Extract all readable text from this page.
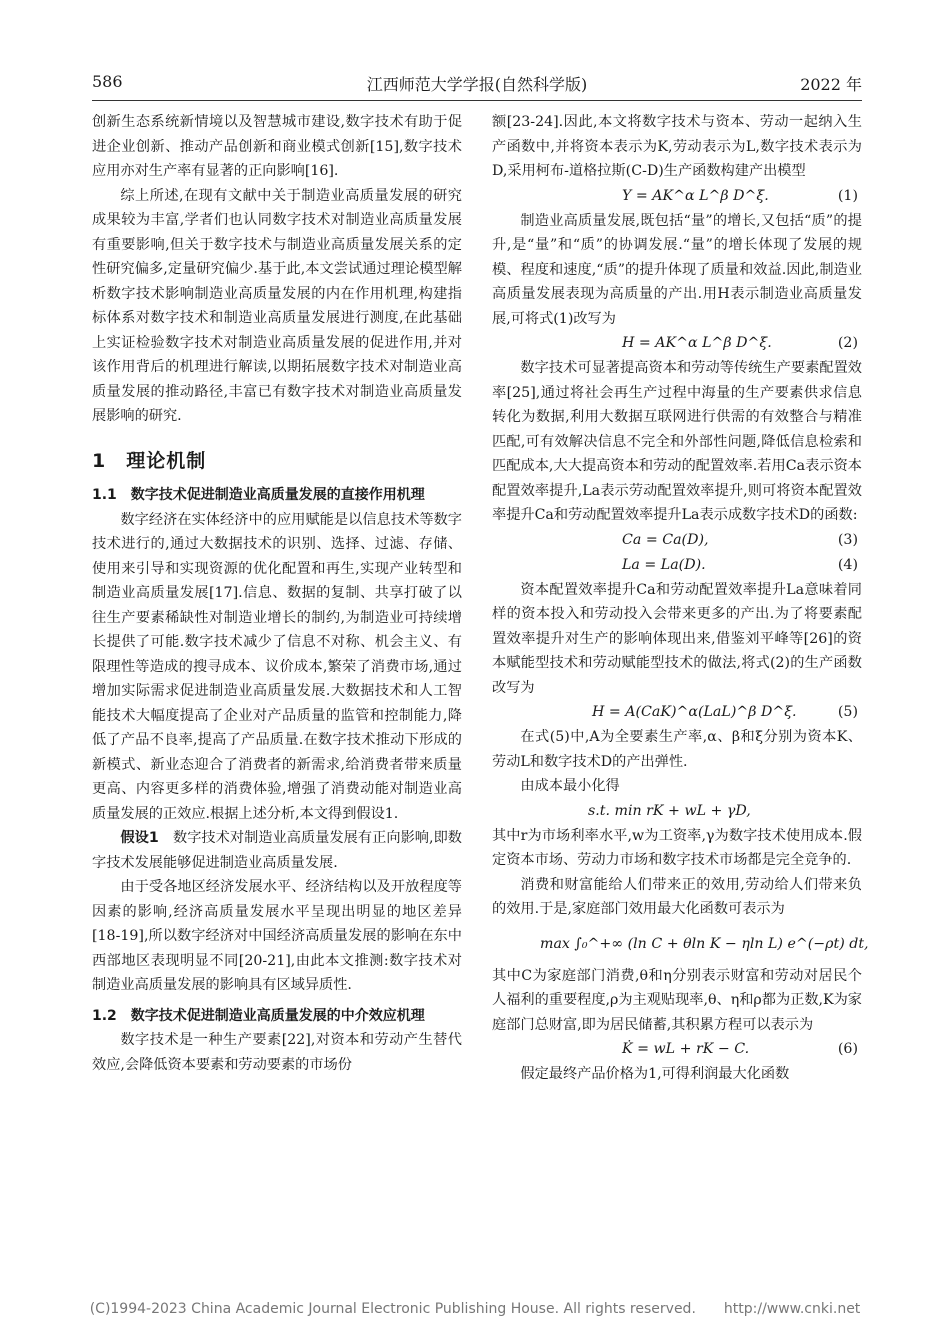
586	江西师范大学学报(自然科学版)	2022 年

创新生态系统新情境以及智慧城市建设,数字技术有助于促进企业创新、推动产品创新和商业模式创新[15],数字技术应用亦对生产率有显著的正向影响[16].

综上所述,在现有文献中关于制造业高质量发展的研究成果较为丰富,学者们也认同数字技术对制造业高质量发展有重要影响,但关于数字技术与制造业高质量发展关系的定性研究偏多,定量研究偏少.基于此,本文尝试通过理论模型解析数字技术影响制造业高质量发展的内在作用机理,构建指标体系对数字技术和制造业高质量发展进行测度,在此基础上实证检验数字技术对制造业高质量发展的促进作用,并对该作用背后的机理进行解读,以期拓展数字技术对制造业高质量发展的推动路径,丰富已有数字技术对制造业高质量发展影响的研究.

1　理论机制
1.1　数字技术促进制造业高质量发展的直接作用机理

数字经济在实体经济中的应用赋能是以信息技术等数字技术进行的,通过大数据技术的识别、选择、过滤、存储、使用来引导和实现资源的优化配置和再生,实现产业转型和制造业高质量发展[17].信息、数据的复制、共享打破了以往生产要素稀缺性对制造业增长的制约,为制造业可持续增长提供了可能.数字技术减少了信息不对称、机会主义、有限理性等造成的搜寻成本、议价成本,繁荣了消费市场,通过增加实际需求促进制造业高质量发展.大数据技术和人工智能技术大幅度提高了企业对产品质量的监管和控制能力,降低了产品不良率,提高了产品质量.在数字技术推动下形成的新模式、新业态迎合了消费者的新需求,给消费者带来质量更高、内容更多样的消费体验,增强了消费动能对制造业高质量发展的正效应.根据上述分析,本文得到假设1.

假设1　数字技术对制造业高质量发展有正向影响,即数字技术发展能够促进制造业高质量发展.

由于受各地区经济发展水平、经济结构以及开放程度等因素的影响,经济高质量发展水平呈现出明显的地区差异[18-19],所以数字经济对中国经济高质量发展的影响在东中西部地区表现明显不同[20-21],由此本文推测:数字技术对制造业高质量发展的影响具有区域异质性.

1.2　数字技术促进制造业高质量发展的中介效应机理

数字技术是一种生产要素[22],对资本和劳动产生替代效应,会降低资本要素和劳动要素的市场份

额[23-24].因此,本文将数字技术与资本、劳动一起纳入生产函数中,并将资本表示为K,劳动表示为L,数字技术表示为D,采用柯布-道格拉斯(C-D)生产函数构建产出模型

Y = AK^α L^β D^ξ.	(1)

制造业高质量发展,既包括“量”的增长,又包括“质”的提升,是“量”和“质”的协调发展.“量”的增长体现了发展的规模、程度和速度,“质”的提升体现了质量和效益.因此,制造业高质量发展表现为高质量的产出.用H表示制造业高质量发展,可将式(1)改写为

H = AK^α L^β D^ξ.	(2)

数字技术可显著提高资本和劳动等传统生产要素配置效率[25],通过将社会再生产过程中海量的生产要素供求信息转化为数据,利用大数据互联网进行供需的有效整合与精准匹配,可有效解决信息不完全和外部性问题,降低信息检索和匹配成本,大大提高资本和劳动的配置效率.若用Ca表示资本配置效率提升,La表示劳动配置效率提升,则可将资本配置效率提升Ca和劳动配置效率提升La表示成数字技术D的函数:

Ca = Ca(D),	(3)
La = La(D).	(4)

资本配置效率提升Ca和劳动配置效率提升La意味着同样的资本投入和劳动投入会带来更多的产出.为了将要素配置效率提升对生产的影响体现出来,借鉴刘平峰等[26]的资本赋能型技术和劳动赋能型技术的做法,将式(2)的生产函数改写为

H = A(CaK)^α(LaL)^β D^ξ.	(5)

在式(5)中,A为全要素生产率,α、β和ξ分别为资本K、劳动L和数字技术D的产出弹性.

由成本最小化得

s.t. min rK + wL + γD,

其中r为市场利率水平,w为工资率,γ为数字技术使用成本.假定资本市场、劳动力市场和数字技术市场都是完全竞争的.

消费和财富能给人们带来正的效用,劳动给人们带来负的效用.于是,家庭部门效用最大化函数可表示为

max ∫₀^+∞ (ln C + θln K − ηln L) e^(−ρt) dt,

其中C为家庭部门消费,θ和η分别表示财富和劳动对居民个人福利的重要程度,ρ为主观贴现率,θ、η和ρ都为正数,K为家庭部门总财富,即为居民储蓄,其积累方程可以表示为

K̇ = wL + rK − C.	(6)

假定最终产品价格为1,可得利润最大化函数

(C)1994-2023 China Academic Journal Electronic Publishing House. All rights reserved.　　http://www.cnki.net
